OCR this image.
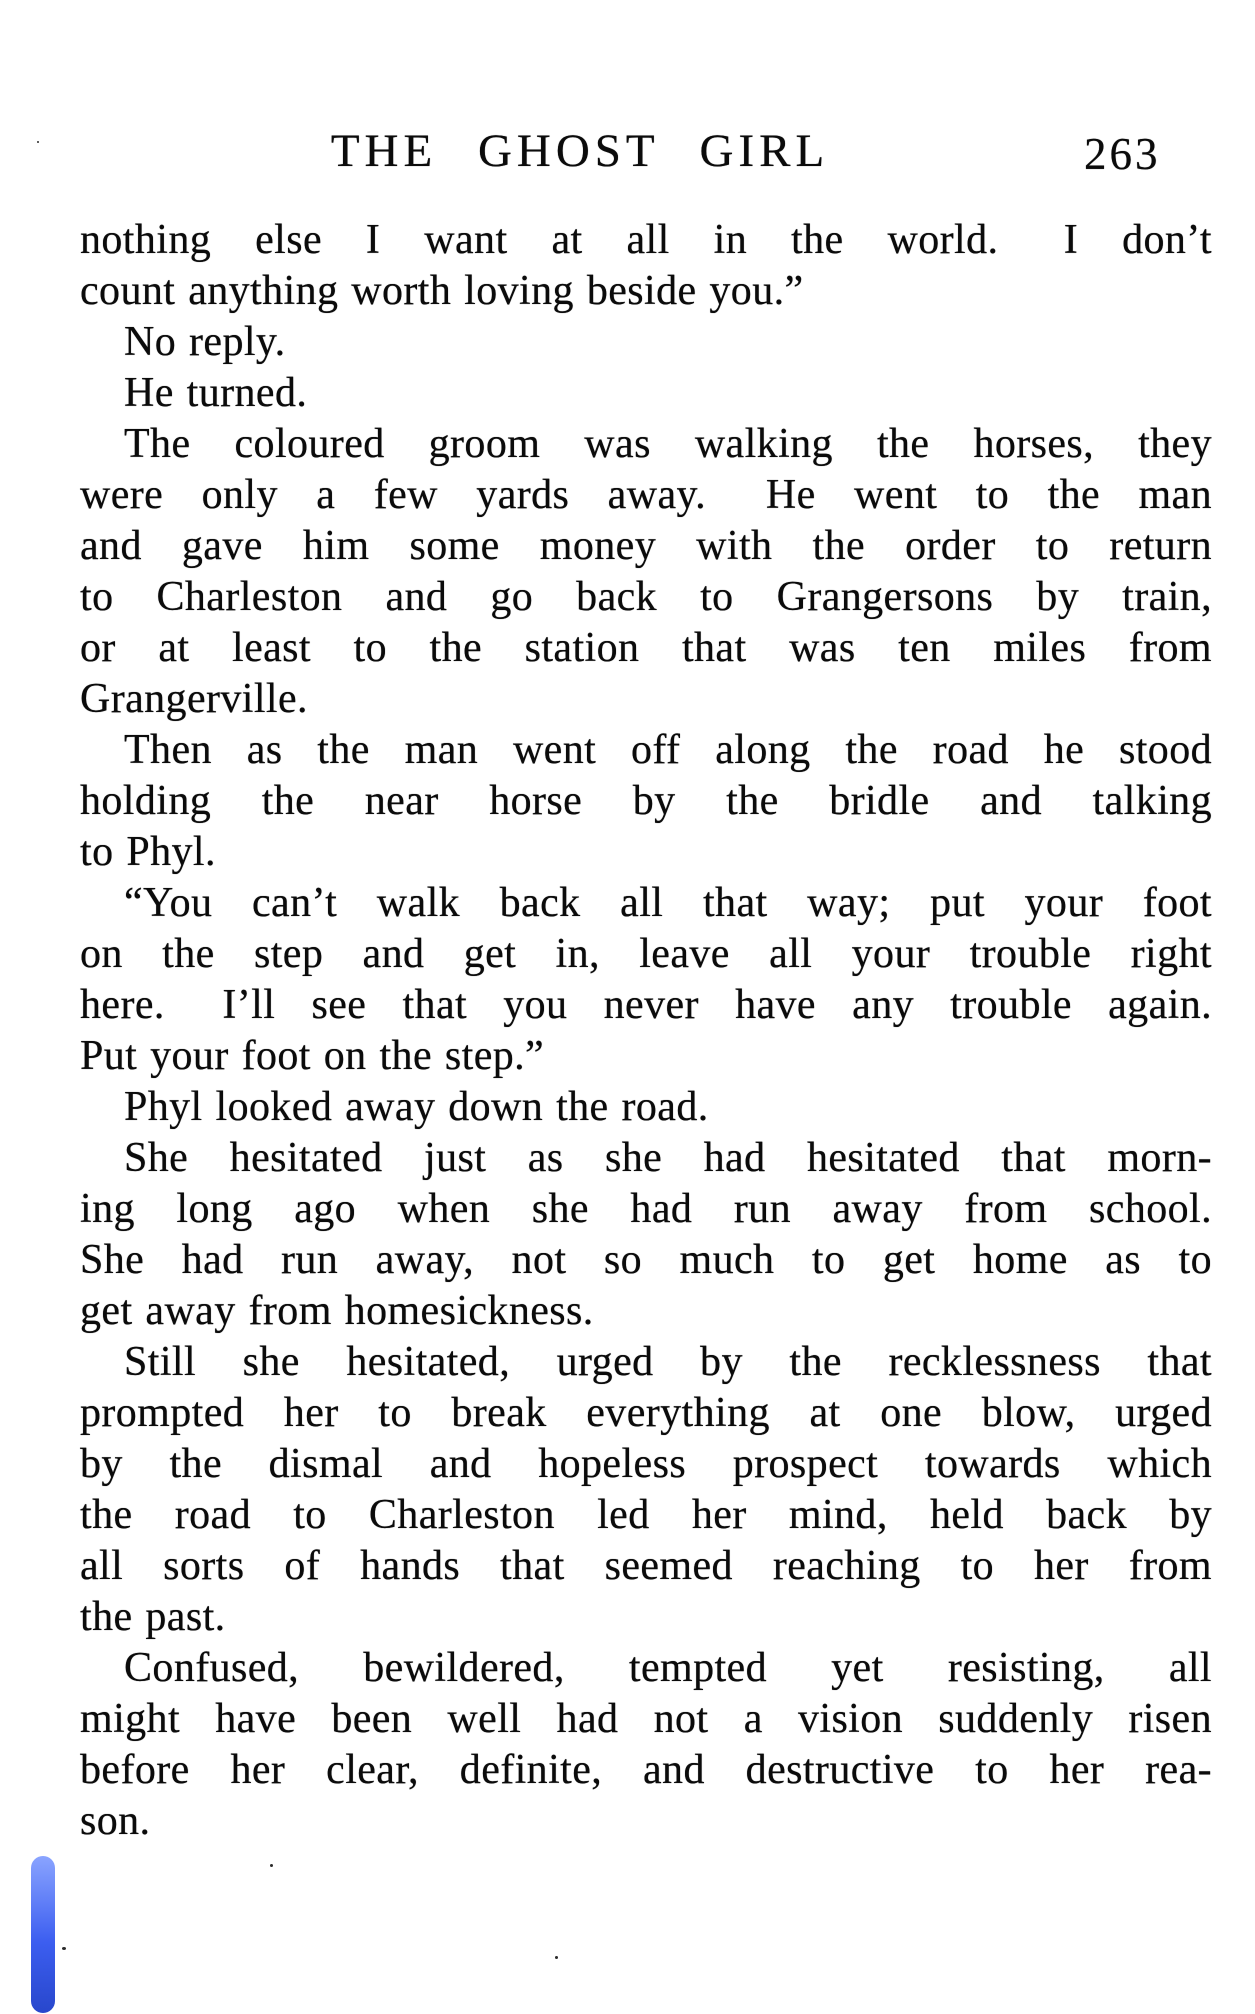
THE GHOST GIRL	263
nothing else I want at all in the world.  I don’t
count anything worth loving beside you.”
No reply.
He turned.
The coloured groom was walking the horses, they
were only a few yards away.  He went to the man
and gave him some money with the order to return
to Charleston and go back to Grangersons by train,
or at least to the station that was ten miles from
Grangerville.
Then as the man went off along the road he stood
holding the near horse by the bridle and talking
to Phyl.
“You can’t walk back all that way; put your foot
on the step and get in, leave all your trouble right
here.  I’ll see that you never have any trouble again.
Put your foot on the step.”
Phyl looked away down the road.
She hesitated just as she had hesitated that morn-
ing long ago when she had run away from school.
She had run away, not so much to get home as to
get away from homesickness.
Still she hesitated, urged by the recklessness that
prompted her to break everything at one blow, urged
by the dismal and hopeless prospect towards which
the road to Charleston led her mind, held back by
all sorts of hands that seemed reaching to her from
the past.
Confused, bewildered, tempted yet resisting, all
might have been well had not a vision suddenly risen
before her clear, definite, and destructive to her rea-
son.
